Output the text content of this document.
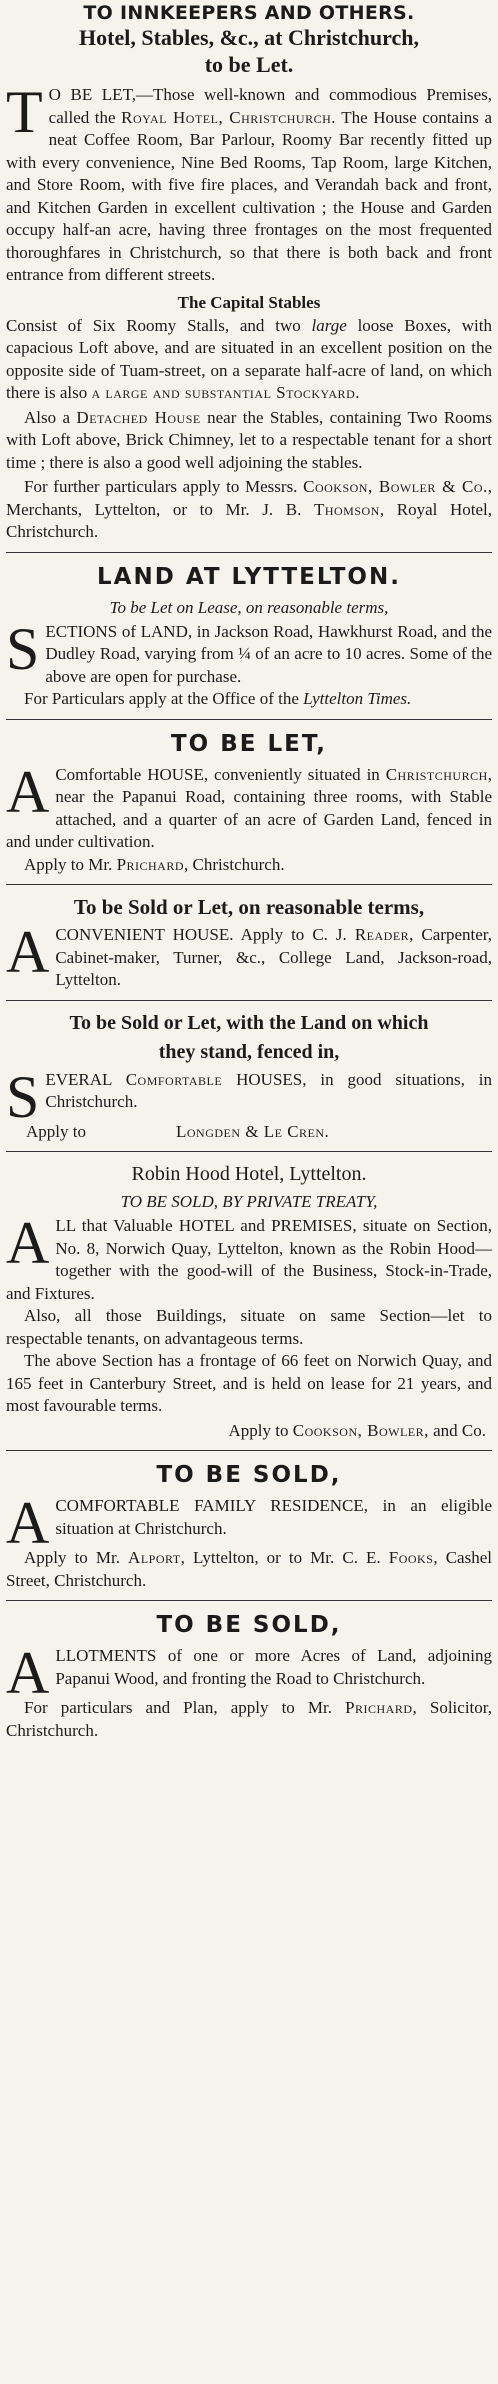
TO INNKEEPERS AND OTHERS.
Hotel, Stables, &c., at Christchurch,
to be Let.

T O BE LET,—Those well-known and commodious Premises, called the Royal Hotel, Christchurch. The House contains a neat Coffee Room, Bar Parlour, Roomy Bar recently fitted up with every convenience, Nine Bed Rooms, Tap Room, large Kitchen, and Store Room, with five fire places, and Verandah back and front, and Kitchen Garden in excellent cultivation ; the House and Garden occupy half-an acre, having three frontages on the most frequented thoroughfares in Christchurch, so that there is both back and front entrance from different streets.

The Capital Stables

Consist of Six Roomy Stalls, and two large loose Boxes, with capacious Loft above, and are situated in an excellent position on the opposite side of Tuam-street, on a separate half-acre of land, on which there is also a large and substantial Stockyard.

Also a Detached House near the Stables, containing Two Rooms with Loft above, Brick Chimney, let to a respectable tenant for a short time ; there is also a good well adjoining the stables.

For further particulars apply to Messrs. Cookson, Bowler & Co., Merchants, Lyttelton, or to Mr. J. B. Thomson, Royal Hotel, Christchurch.

LAND AT LYTTELTON.
To be Let on Lease, on reasonable terms,

SECTIONS of LAND, in Jackson Road, Hawkhurst Road, and the Dudley Road, varying from ¼ of an acre to 10 acres. Some of the above are open for purchase.

For Particulars apply at the Office of the Lyttelton Times.

TO BE LET,

A Comfortable HOUSE, conveniently situated in Christchurch, near the Papanui Road, containing three rooms, with Stable attached, and a quarter of an acre of Garden Land, fenced in and under cultivation.

Apply to Mr. Prichard, Christchurch.

To be Sold or Let, on reasonable terms,

A CONVENIENT HOUSE. Apply to C. J. Reader, Carpenter, Cabinet-maker, Turner, &c., College Land, Jackson-road, Lyttelton.

To be Sold or Let, with the Land on which
they stand, fenced in,

SEVERAL Comfortable HOUSES, in good situations, in Christchurch.

Apply to	Longden & Le Cren.

Robin Hood Hotel, Lyttelton.
TO BE SOLD, BY PRIVATE TREATY,

ALL that Valuable HOTEL and PREMISES, situate on Section, No. 8, Norwich Quay, Lyttelton, known as the Robin Hood—together with the good-will of the Business, Stock-in-Trade, and Fixtures.

Also, all those Buildings, situate on same Section—let to respectable tenants, on advantageous terms.

The above Section has a frontage of 66 feet on Norwich Quay, and 165 feet in Canterbury Street, and is held on lease for 21 years, and most favourable terms.

Apply to Cookson, Bowler, and Co.

TO BE SOLD,

A COMFORTABLE FAMILY RESIDENCE, in an eligible situation at Christchurch.

Apply to Mr. Alport, Lyttelton, or to Mr. C. E. Fooks, Cashel Street, Christchurch.

TO BE SOLD,

ALLOTMENTS of one or more Acres of Land, adjoining Papanui Wood, and fronting the Road to Christchurch.

For particulars and Plan, apply to Mr. Prichard, Solicitor, Christchurch.
